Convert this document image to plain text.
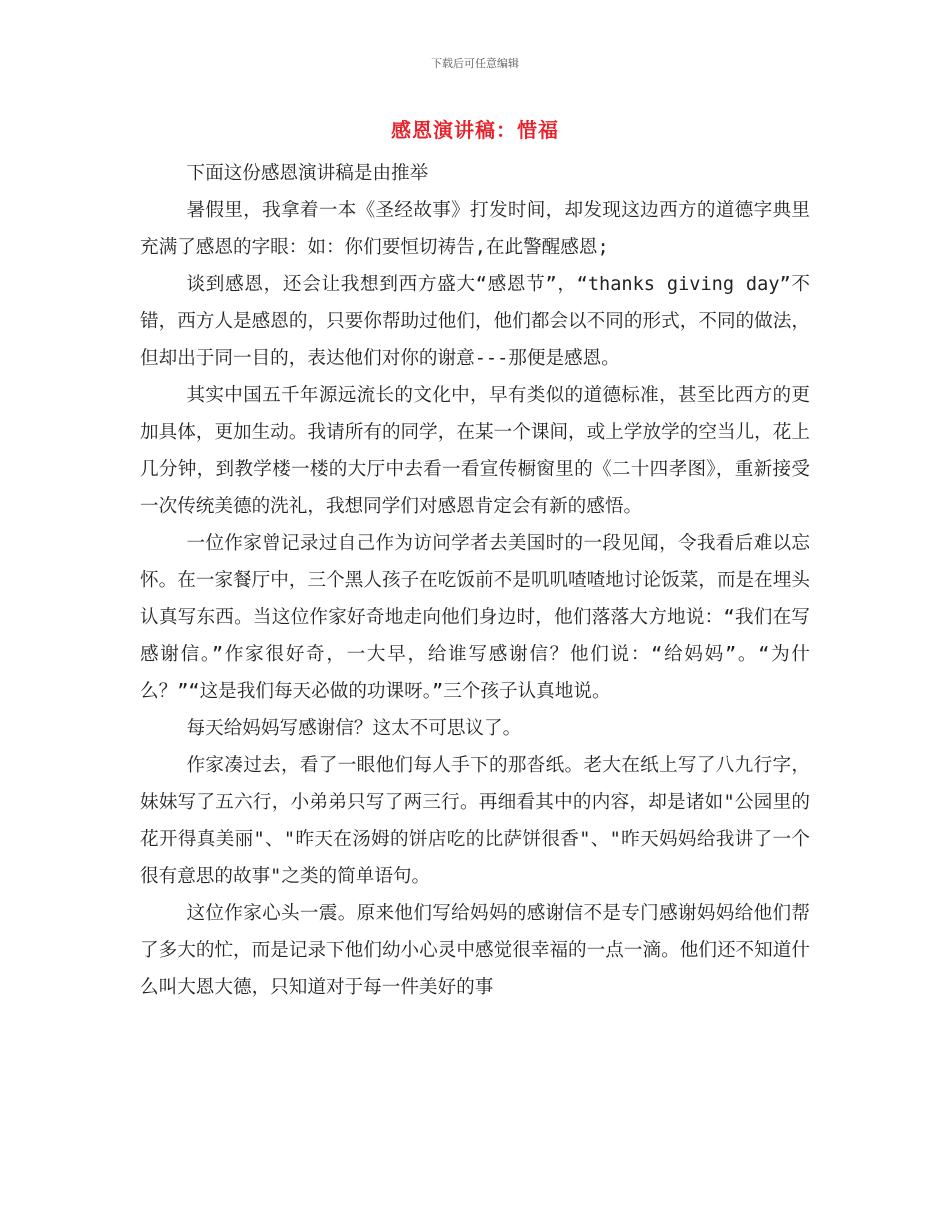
下载后可任意编辑
感恩演讲稿：惜福

下面这份感恩演讲稿是由推举

暑假里，我拿着一本《圣经故事》打发时间，却发现这边西方的道德字典里充满了感恩的字眼：如：你们要恒切祷告,在此警醒感恩;

谈到感恩，还会让我想到西方盛大“感恩节”，“thanks giving day”不错，西方人是感恩的，只要你帮助过他们，他们都会以不同的形式，不同的做法，但却出于同一目的，表达他们对你的谢意---那便是感恩。

其实中国五千年源远流长的文化中，早有类似的道德标准，甚至比西方的更加具体，更加生动。我请所有的同学，在某一个课间，或上学放学的空当儿，花上几分钟，到教学楼一楼的大厅中去看一看宣传橱窗里的《二十四孝图》，重新接受一次传统美德的洗礼，我想同学们对感恩肯定会有新的感悟。

一位作家曾记录过自己作为访问学者去美国时的一段见闻，令我看后难以忘怀。在一家餐厅中，三个黑人孩子在吃饭前不是叽叽喳喳地讨论饭菜，而是在埋头认真写东西。当这位作家好奇地走向他们身边时，他们落落大方地说：“我们在写感谢信。”作家很好奇，一大早，给谁写感谢信？他们说：“给妈妈”。“为什么？”“这是我们每天必做的功课呀。”三个孩子认真地说。

每天给妈妈写感谢信？这太不可思议了。

作家凑过去，看了一眼他们每人手下的那沓纸。老大在纸上写了八九行字，妹妹写了五六行，小弟弟只写了两三行。再细看其中的内容，却是诸如"公园里的花开得真美丽"、"昨天在汤姆的饼店吃的比萨饼很香"、"昨天妈妈给我讲了一个很有意思的故事"之类的简单语句。

这位作家心头一震。原来他们写给妈妈的感谢信不是专门感谢妈妈给他们帮了多大的忙，而是记录下他们幼小心灵中感觉很幸福的一点一滴。他们还不知道什么叫大恩大德，只知道对于每一件美好的事
